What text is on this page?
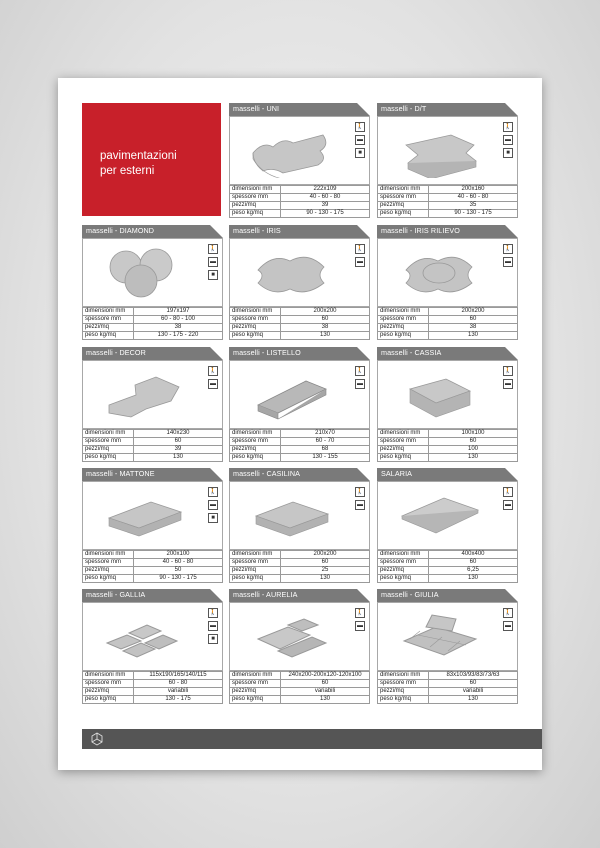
pavimentazioni
per esterni
masselli - UNI
🚶
▬
■
dimensioni mm	222x109
spessore mm	40 - 60 - 80
pezzi/mq	39
peso kg/mq	90 - 130 - 175
masselli - D/T
🚶
▬
■
dimensioni mm	200x160
spessore mm	40 - 60 - 80
pezzi/mq	35
peso kg/mq	90 - 130 - 175
masselli - DIAMOND
🚶
▬
■
dimensioni mm	197x197
spessore mm	60 - 80 - 100
pezzi/mq	38
peso kg/mq	130 - 175 - 220
masselli - IRIS
🚶
▬
dimensioni mm	200x200
spessore mm	60
pezzi/mq	38
peso kg/mq	130
masselli - IRIS RILIEVO
🚶
▬
dimensioni mm	200x200
spessore mm	60
pezzi/mq	38
peso kg/mq	130
masselli - DECOR
🚶
▬
dimensioni mm	140x230
spessore mm	60
pezzi/mq	39
peso kg/mq	130
masselli - LISTELLO
🚶
▬
dimensioni mm	210x70
spessore mm	60 - 70
pezzi/mq	68
peso kg/mq	130 - 155
masselli - CASSIA
🚶
▬
dimensioni mm	100x100
spessore mm	60
pezzi/mq	100
peso kg/mq	130
masselli - MATTONE
🚶
▬
■
dimensioni mm	200x100
spessore mm	40 - 60 - 80
pezzi/mq	50
peso kg/mq	90 - 130 - 175
masselli - CASILINA
🚶
▬
dimensioni mm	200x200
spessore mm	60
pezzi/mq	25
peso kg/mq	130
SALARIA
🚶
▬
dimensioni mm	400x400
spessore mm	60
pezzi/mq	6,25
peso kg/mq	130
masselli - GALLIA
🚶
▬
■
dimensioni mm	115x190/165/140/115
spessore mm	60 - 80
pezzi/mq	variabili
peso kg/mq	130 - 175
masselli - AURELIA
🚶
▬
dimensioni mm	240x200-200x120-120x100
spessore mm	60
pezzi/mq	variabili
peso kg/mq	130
masselli - GIULIA
🚶
▬
dimensioni mm	83x103/93/83/73/63
spessore mm	60
pezzi/mq	variabili
peso kg/mq	130
